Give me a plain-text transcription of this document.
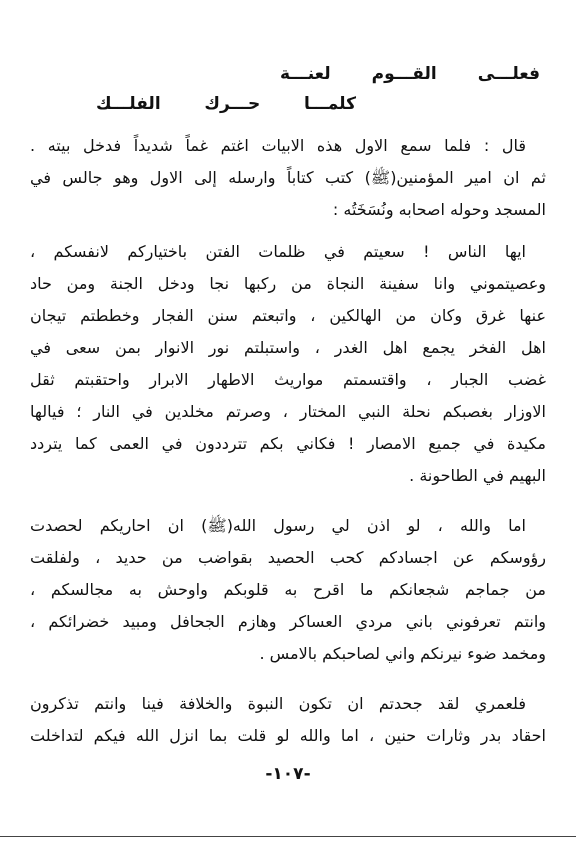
فعلـــى القـــوم لعنـــة
كلمـــا حـــرك الفلـــك
قال : فلما سمع الاول هذه الابيات اغتم غماً شديداً فدخل بيته .
ثم ان امير المؤمنين(ﷺ) كتب كتاباً وارسله إلى الاول وهو جالس في
المسجد وحوله اصحابه ونُسَخَتُه :
ايها الناس ! سعيتم في ظلمات الفتن باختياركم لانفسكم ،
وعصيتموني وانا سفينة النجاة من ركبها نجا ودخل الجنة ومن حاد
عنها غرق وكان من الهالكين ، واتبعتم سنن الفجار وخططتم تيجان
اهل الفخر يجمع اهل الغدر ، واستبلتم نور الانوار بمن سعى في
غضب الجبار ، واقتسمتم مواريث الاطهار الابرار واحتقبتم ثقل
الاوزار بغصبكم نحلة النبي المختار ، وصرتم مخلدين في النار ؛ فيالها
مكيدة في جميع الامصار ! فكاني بكم تترددون في العمى كما يتردد
البهيم في الطاحونة .
اما والله ، لو اذن لي رسول الله(ﷺ) ان احاريكم لحصدت
رؤوسكم عن اجسادكم كحب الحصيد بقواضب من حديد ، ولفلقت
من جماجم شجعانكم ما اقرح به قلوبكم واوحش به مجالسكم ،
وانتم تعرفوني باني مردي العساكر وهازم الجحافل ومبيد خضرائكم ،
ومخمد ضوء نيرنكم واني لصاحبكم بالامس .
فلعمري لقد جحدتم ان تكون النبوة والخلافة فينا وانتم تذكرون
احقاد بدر وثارات حنين ، اما والله لو قلت بما انزل الله فيكم لتداخلت
-١٠٧-
